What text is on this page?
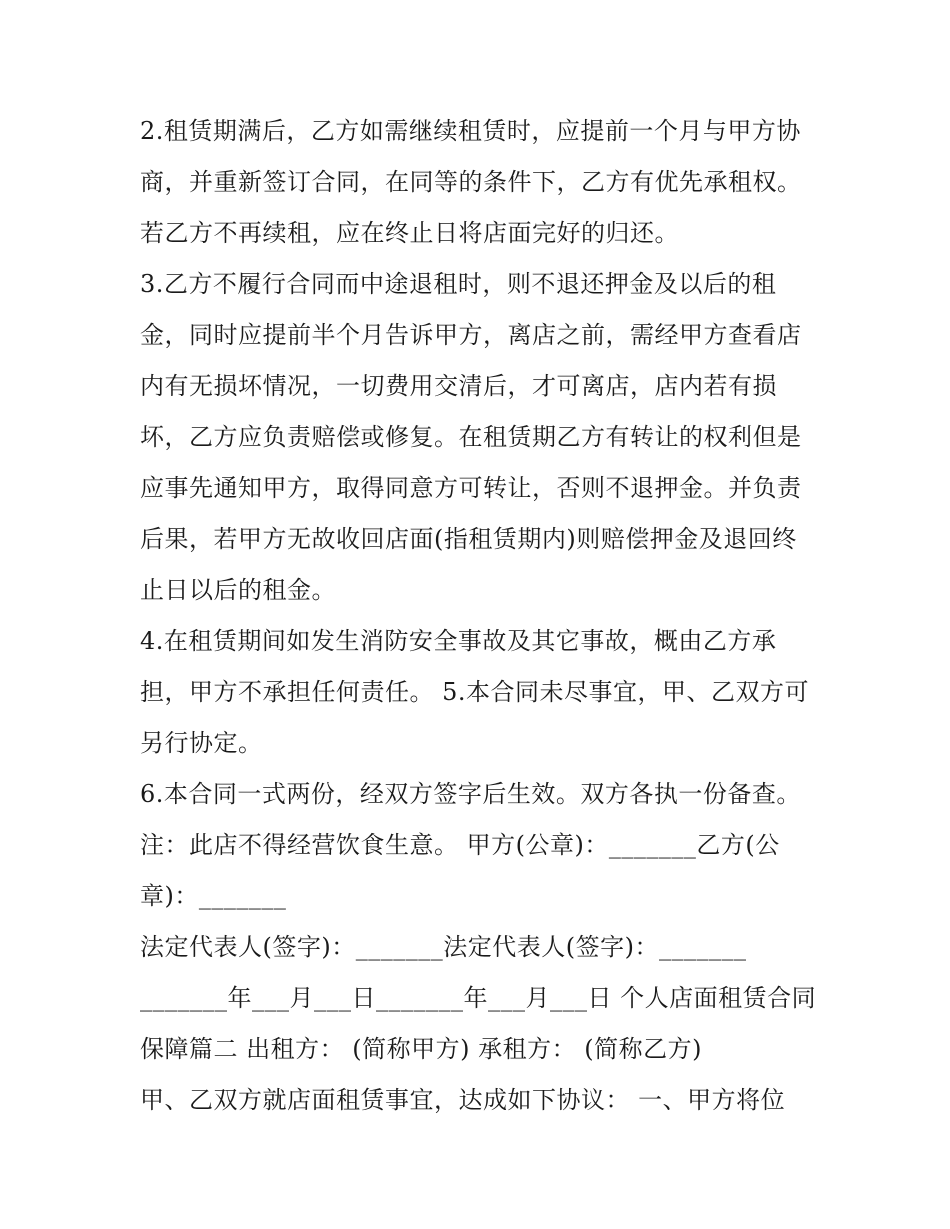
2.租赁期满后，乙方如需继续租赁时，应提前一个月与甲方协
商，并重新签订合同，在同等的条件下，乙方有优先承租权。
若乙方不再续租，应在终止日将店面完好的归还。
3.乙方不履行合同而中途退租时，则不退还押金及以后的租
金，同时应提前半个月告诉甲方，离店之前，需经甲方查看店
内有无损坏情况，一切费用交清后，才可离店，店内若有损
坏，乙方应负责赔偿或修复。在租赁期乙方有转让的权利但是
应事先通知甲方，取得同意方可转让，否则不退押金。并负责
后果，若甲方无故收回店面(指租赁期内)则赔偿押金及退回终
止日以后的租金。
4.在租赁期间如发生消防安全事故及其它事故，概由乙方承
担，甲方不承担任何责任。 5.本合同未尽事宜，甲、乙双方可
另行协定。
6.本合同一式两份，经双方签字后生效。双方各执一份备查。
注：此店不得经营饮食生意。 甲方(公章)：_______乙方(公
章)：_______
法定代表人(签字)：_______法定代表人(签字)：_______
_______年___月___日_______年___月___日 个人店面租赁合同
保障篇二 出租方： (简称甲方) 承租方： (简称乙方)
甲、乙双方就店面租赁事宜，达成如下协议： 一、甲方将位
